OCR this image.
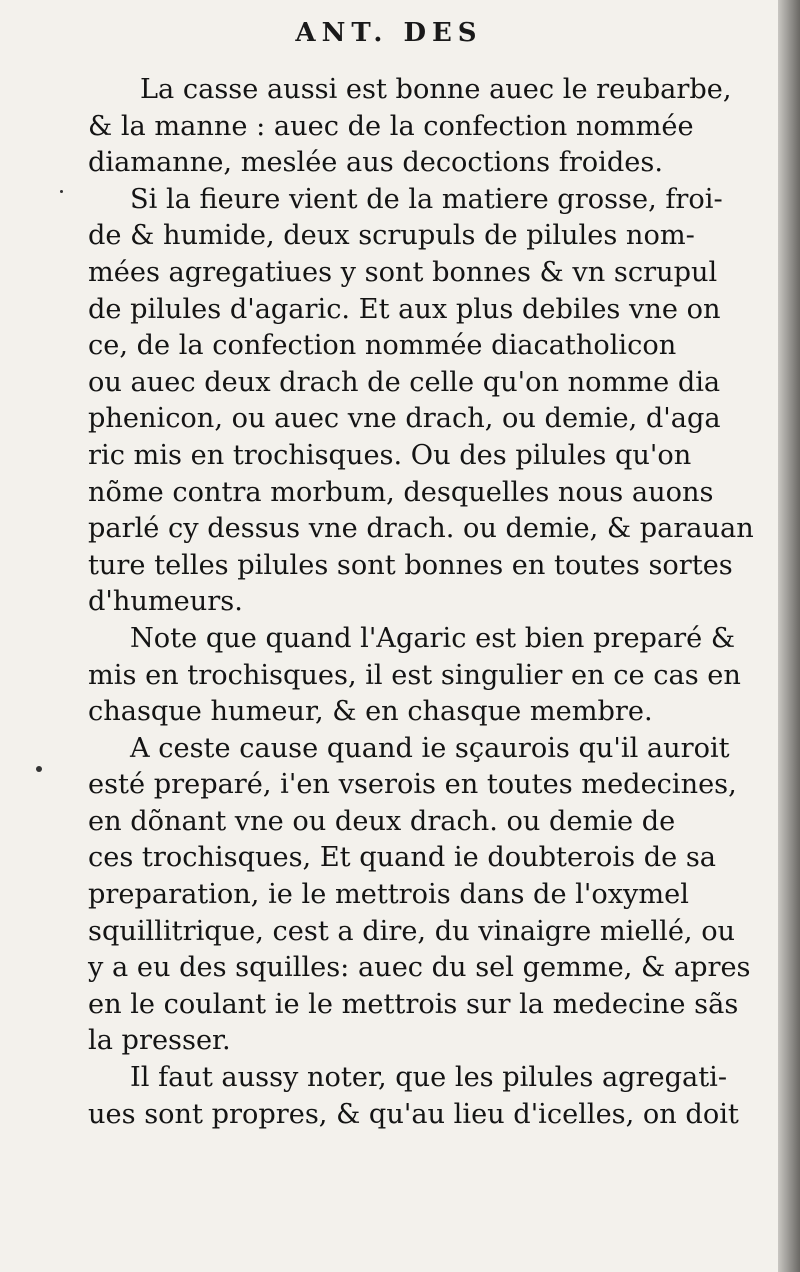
ANT. DES
La casse aussi est bonne auec le reubarbe,
& la manne : auec de la confection nommée
diamanne, meslée aus decoctions froides.
Si la fieure vient de la matiere grosse, froi-
de & humide, deux scrupuls de pilules nom-
mées agregatiues y sont bonnes & vn scrupul
de pilules d'agaric. Et aux plus debiles vne on
ce, de la confection nommée diacatholicon
ou auec deux drach de celle qu'on nomme dia
phenicon, ou auec vne drach, ou demie, d'aga
ric mis en trochisques. Ou des pilules qu'on
nõme contra morbum, desquelles nous auons
parlé cy dessus vne drach. ou demie, & parauan
ture telles pilules sont bonnes en toutes sortes
d'humeurs.
Note que quand l'Agaric est bien preparé &
mis en trochisques, il est singulier en ce cas en
chasque humeur, & en chasque membre.
A ceste cause quand ie sçaurois qu'il auroit
esté preparé, i'en vserois en toutes medecines,
en dõnant vne ou deux drach. ou demie de
ces trochisques, Et quand ie doubterois de sa
preparation, ie le mettrois dans de l'oxymel
squillitrique, cest a dire, du vinaigre miellé, ou
y a eu des squilles: auec du sel gemme, & apres
en le coulant ie le mettrois sur la medecine sãs
la presser.
Il faut aussy noter, que les pilules agregati-
ues sont propres, & qu'au lieu d'icelles, on doit
